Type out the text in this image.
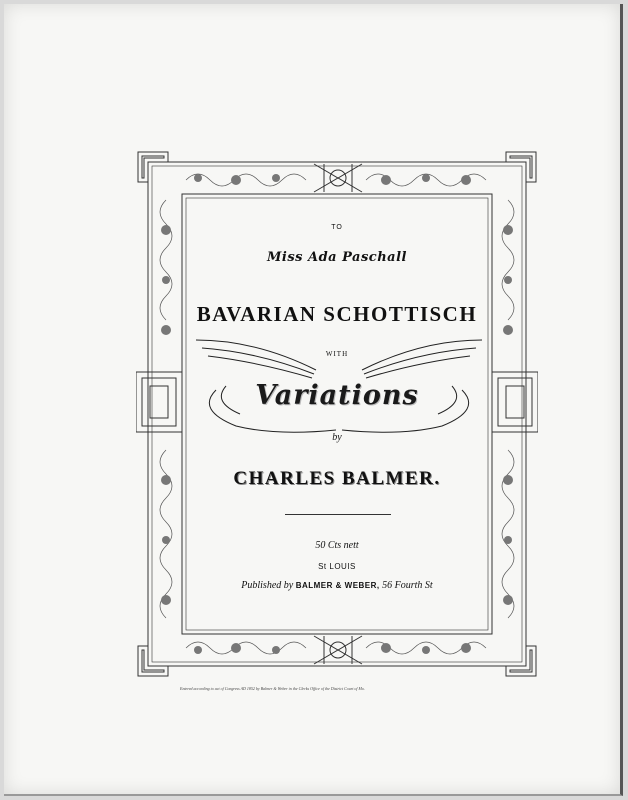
TO
Miss Ada Paschall
BAVARIAN SCHOTTISCH
WITH
Variations
by
CHARLES BALMER.
50 Cts nett
St LOUIS
Published by BALMER & WEBER, 56 Fourth St
Entered according to act of Congress AD 1852 by Balmer & Weber in the Clerks Office of the District Court of Mo.
